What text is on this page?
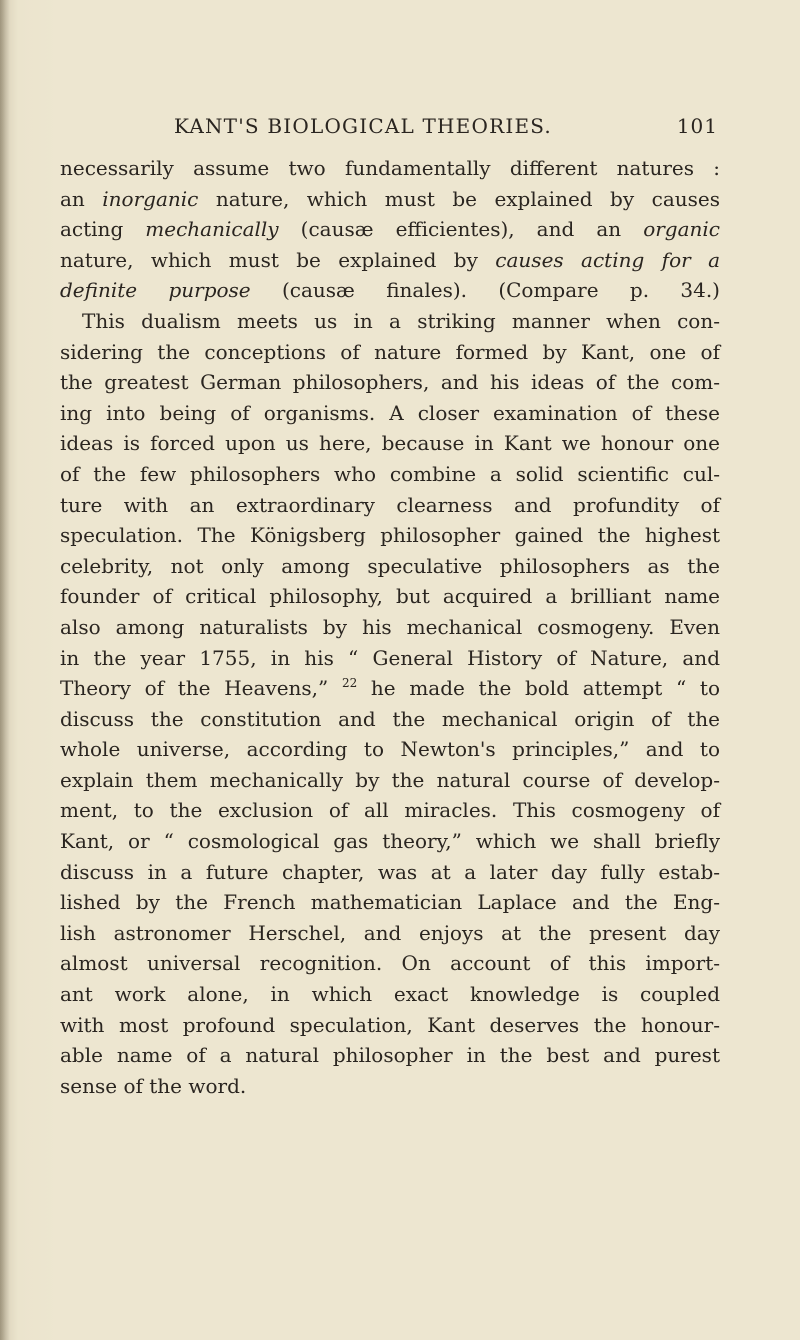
KANT'S BIOLOGICAL THEORIES.	101
necessarily assume two fundamentally different natures :
an inorganic nature, which must be explained by causes
acting mechanically (causæ efficientes), and an organic
nature, which must be explained by causes acting for a
definite purpose (causæ finales). (Compare p. 34.)
This dualism meets us in a striking manner when con-
sidering the conceptions of nature formed by Kant, one of
the greatest German philosophers, and his ideas of the com-
ing into being of organisms. A closer examination of these
ideas is forced upon us here, because in Kant we honour one
of the few philosophers who combine a solid scientific cul-
ture with an extraordinary clearness and profundity of
speculation. The Königsberg philosopher gained the highest
celebrity, not only among speculative philosophers as the
founder of critical philosophy, but acquired a brilliant name
also among naturalists by his mechanical cosmogeny. Even
in the year 1755, in his “ General History of Nature, and
Theory of the Heavens,” $^{22}$ he made the bold attempt “ to
discuss the constitution and the mechanical origin of the
whole universe, according to Newton's principles,” and to
explain them mechanically by the natural course of develop-
ment, to the exclusion of all miracles. This cosmogeny of
Kant, or “ cosmological gas theory,” which we shall briefly
discuss in a future chapter, was at a later day fully estab-
lished by the French mathematician Laplace and the Eng-
lish astronomer Herschel, and enjoys at the present day
almost universal recognition. On account of this import-
ant work alone, in which exact knowledge is coupled
with most profound speculation, Kant deserves the honour-
able name of a natural philosopher in the best and purest
sense of the word.
